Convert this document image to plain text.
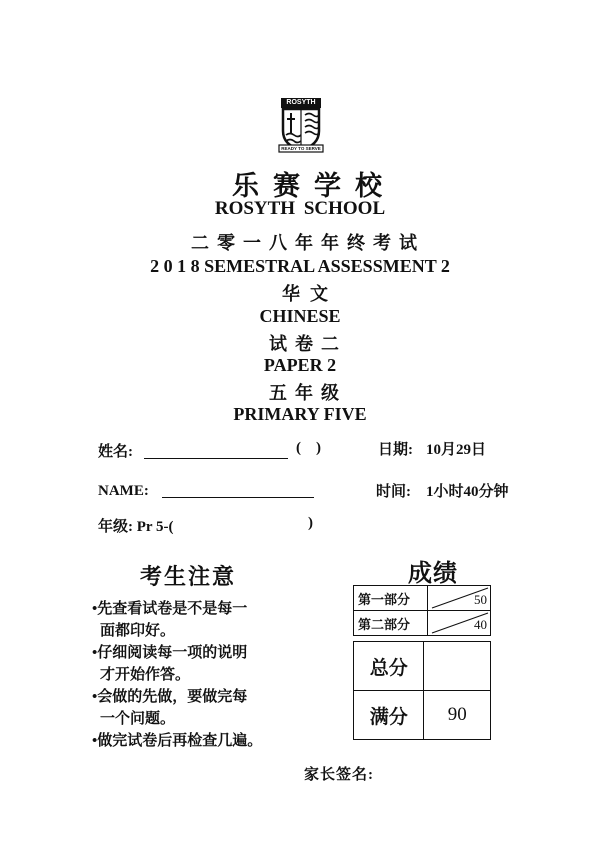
ROSYTH
READY TO SERVE
乐赛学校
ROSYTH SCHOOL
二零一八年年终考试
2 0 1 8 SEMESTRAL ASSESSMENT 2
华文
CHINESE
试卷二
PAPER 2
五年级
PRIMARY FIVE
姓名:	(    )	日期: 10月29日
NAME:	时间: 1小时40分钟
年级: Pr 5-(	)
考生注意
•先查看试卷是不是每一
面都印好。
•仔细阅读每一项的说明
才开始作答。
•会做的先做，要做完每
一个问题。
•做完试卷后再检查几遍。
成绩
第一部分	50

第二部分	40
总分	
满分	90
家长签名:
